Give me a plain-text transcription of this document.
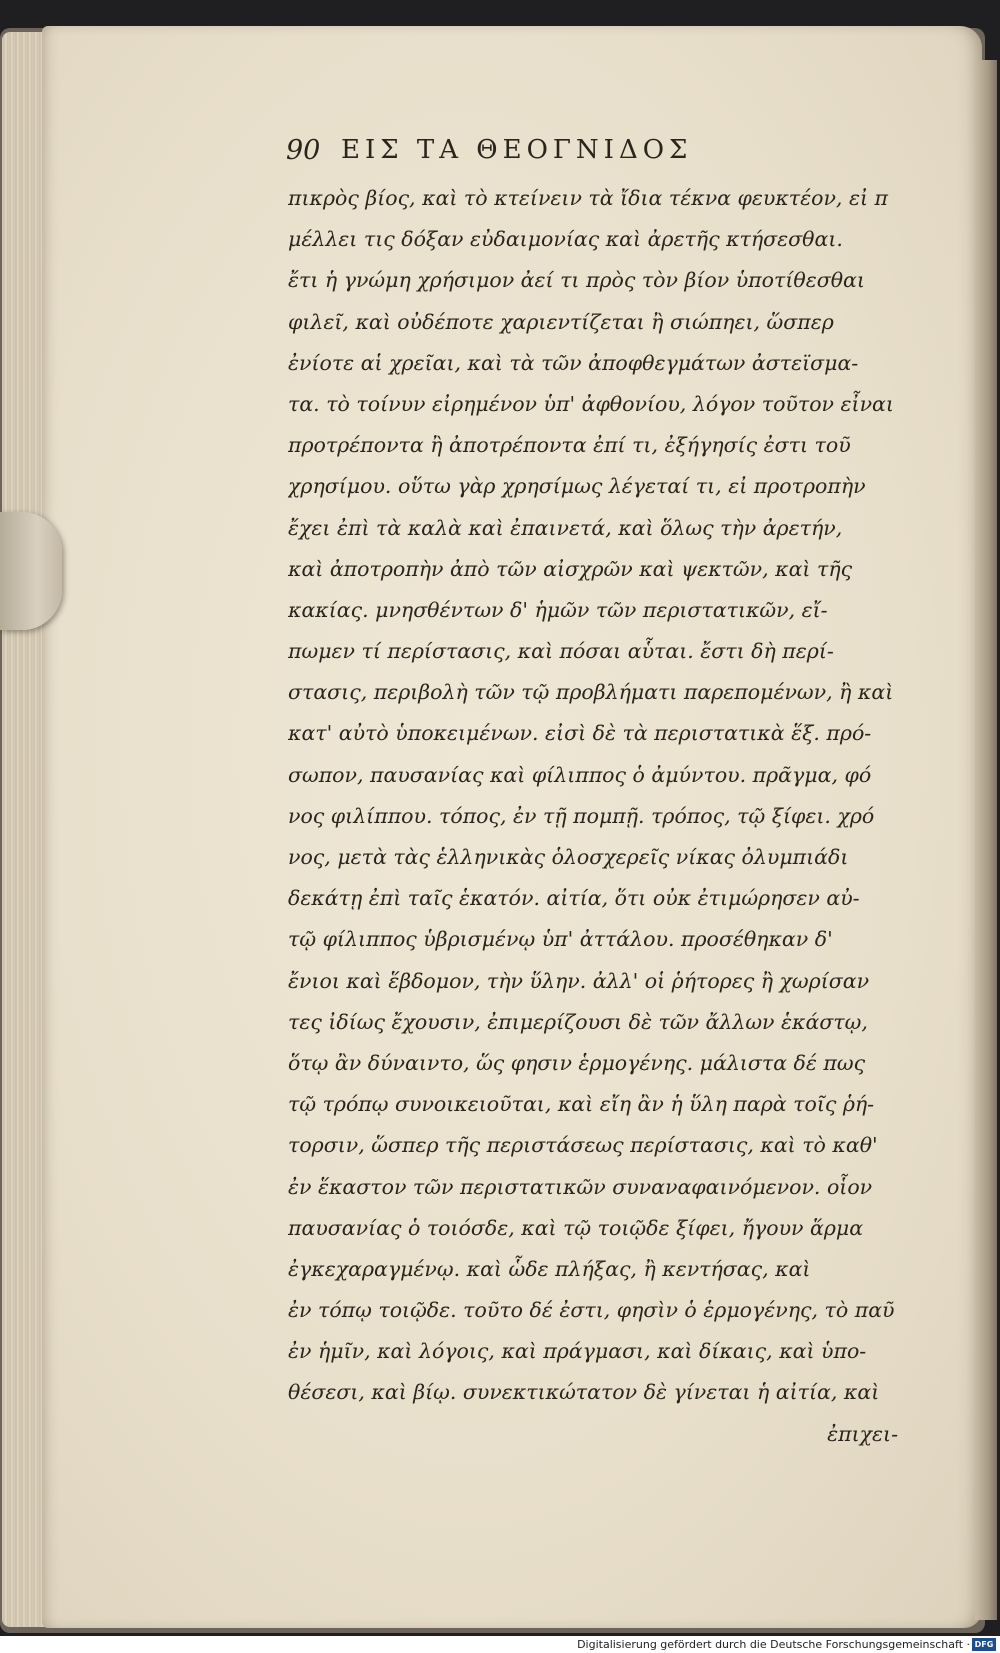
90 ΕΙΣ ΤΑ ΘΕΟΓΝΙΔΟΣ
πικρὸς βίος, καὶ τὸ κτείνειν τὰ ἴδια τέκνα φευκτέον, εἰ π
μέλλει τις δόξαν εὐδαιμονίας καὶ ἀρετῆς κτήσεσθαι.
ἔτι ἡ γνώμη χρήσιμον ἀεί τι πρὸς τὸν βίον ὑποτίθεσθαι
φιλεῖ, καὶ οὐδέποτε χαριεντίζεται ἢ σιώπηει, ὥσπερ
ἐνίοτε αἱ χρεῖαι, καὶ τὰ τῶν ἀποφθεγμάτων ἀστεϊσμα-
τα. τὸ τοίνυν εἰρημένον ὑπ' ἀφθονίου, λόγον τοῦτον εἶναι
προτρέποντα ἢ ἀποτρέποντα ἐπί τι, ἐξήγησίς ἐστι τοῦ
χρησίμου. οὕτω γὰρ χρησίμως λέγεταί τι, εἰ προτροπὴν
ἔχει ἐπὶ τὰ καλὰ καὶ ἐπαινετά, καὶ ὅλως τὴν ἀρετήν,
καὶ ἀποτροπὴν ἀπὸ τῶν αἰσχρῶν καὶ ψεκτῶν, καὶ τῆς
κακίας. μνησθέντων δ' ἡμῶν τῶν περιστατικῶν, εἴ-
πωμεν τί περίστασις, καὶ πόσαι αὗται. ἔστι δὴ περί-
στασις, περιβολὴ τῶν τῷ προβλήματι παρεπομένων, ἢ καὶ
κατ' αὐτὸ ὑποκειμένων. εἰσὶ δὲ τὰ περιστατικὰ ἕξ. πρό-
σωπον, παυσανίας καὶ φίλιππος ὁ ἀμύντου. πρᾶγμα, φό
νος φιλίππου. τόπος, ἐν τῇ πομπῇ. τρόπος, τῷ ξίφει. χρό
νος, μετὰ τὰς ἑλληνικὰς ὁλοσχερεῖς νίκας ὀλυμπιάδι
δεκάτῃ ἐπὶ ταῖς ἑκατόν. αἰτία, ὅτι οὐκ ἐτιμώρησεν αὐ-
τῷ φίλιππος ὑβρισμένῳ ὑπ' ἀττάλου. προσέθηκαν δ'
ἔνιοι καὶ ἕβδομον, τὴν ὕλην. ἀλλ' οἱ ῥήτορες ἢ χωρίσαν
τες ἰδίως ἔχουσιν, ἐπιμερίζουσι δὲ τῶν ἄλλων ἑκάστῳ,
ὅτῳ ἂν δύναιντο, ὥς φησιν ἑρμογένης. μάλιστα δέ πως
τῷ τρόπῳ συνοικειοῦται, καὶ εἴη ἂν ἡ ὕλη παρὰ τοῖς ῥή-
τορσιν, ὥσπερ τῆς περιστάσεως περίστασις, καὶ τὸ καθ'
ἐν ἕκαστον τῶν περιστατικῶν συναναφαινόμενον. οἷον
παυσανίας ὁ τοιόσδε, καὶ τῷ τοιῷδε ξίφει, ἤγουν ἅρμα
ἐγκεχαραγμένῳ. καὶ ὧδε πλήξας, ἢ κεντήσας, καὶ
ἐν τόπῳ τοιῷδε. τοῦτο δέ ἐστι, φησὶν ὁ ἑρμογένης, τὸ παῦ
ἐν ἡμῖν, καὶ λόγοις, καὶ πράγμασι, καὶ δίκαις, καὶ ὑπο-
θέσεσι, καὶ βίῳ. συνεκτικώτατον δὲ γίνεται ἡ αἰτία, καὶ
ἐπιχει-
Digitalisierung gefördert durch die Deutsche Forschungsgemeinschaft · DFG
